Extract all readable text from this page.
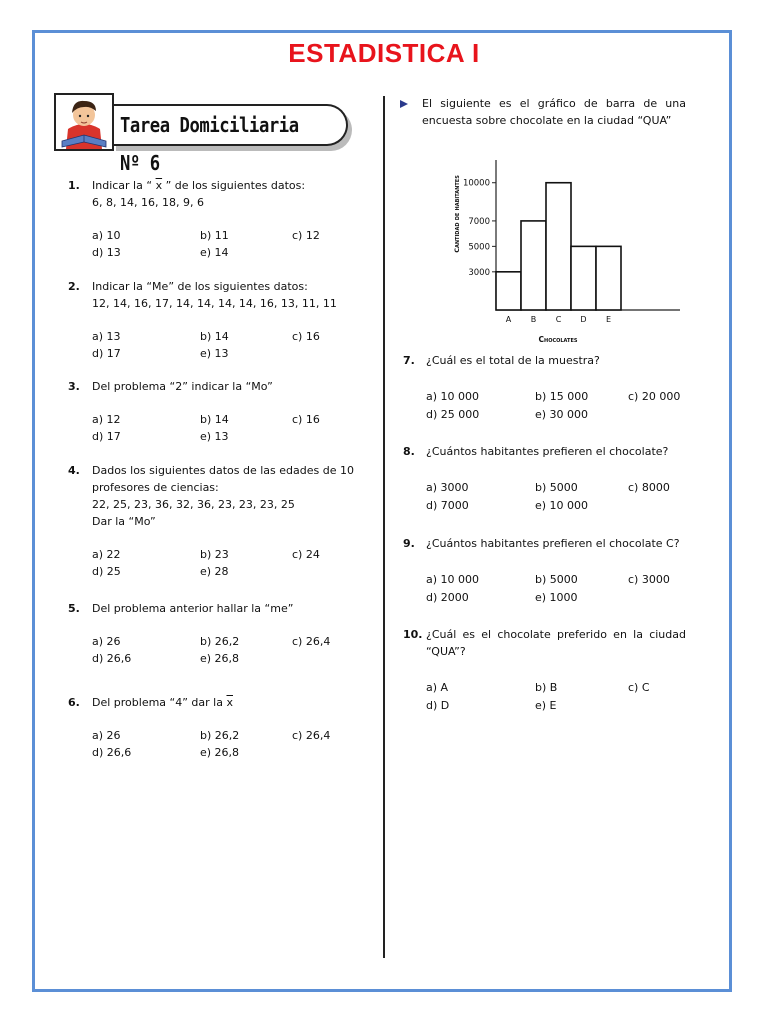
ESTADISTICA I
Tarea Domiciliaria Nº 6
1. Indicar la “ $\overline{x}$ ” de los siguientes datos:
6, 8, 14, 16, 18, 9, 6
a) 10	b) 11	c) 12
d) 13	e) 14
2. Indicar la “Me” de los siguientes datos:
12, 14, 16, 17, 14, 14, 14, 14, 16, 13, 11, 11
a) 13	b) 14	c) 16
d) 17	e) 13
3. Del problema “2” indicar la “Mo”
a) 12	b) 14	c) 16
d) 17	e) 13
4. Dados los siguientes datos de las edades de 10
profesores de ciencias:
22, 25, 23, 36, 32, 36, 23, 23, 23, 25
Dar la “Mo”
a) 22	b) 23	c) 24
d) 25	e) 28
5. Del problema anterior hallar la “me”
a) 26	b) 26,2	c) 26,4
d) 26,6	e) 26,8
6. Del problema “4” dar la $\overline{x}$
a) 26	b) 26,2	c) 26,4
d) 26,6	e) 26,8
7. ¿Cuál es el total de la muestra?
a) 10 000	b) 15 000	c) 20 000
d) 25 000	e) 30 000
8. ¿Cuántos habitantes prefieren el chocolate?
a) 3000	b) 5000	c) 8000
d) 7000	e) 10 000
9. ¿Cuántos habitantes prefieren el chocolate C?
a) 10 000	b) 5000	c) 3000
d) 2000	e) 1000
10. ¿Cuál es el chocolate preferido en la ciudad
“QUA”?
a) A	b) B	c) C
d) D	e) E
El siguiente es el gráfico de barra de una
encuesta sobre chocolate en la ciudad “QUA”
3000
5000
7000
10000
A B C D E
Chocolates
Cantidad de habitantes
